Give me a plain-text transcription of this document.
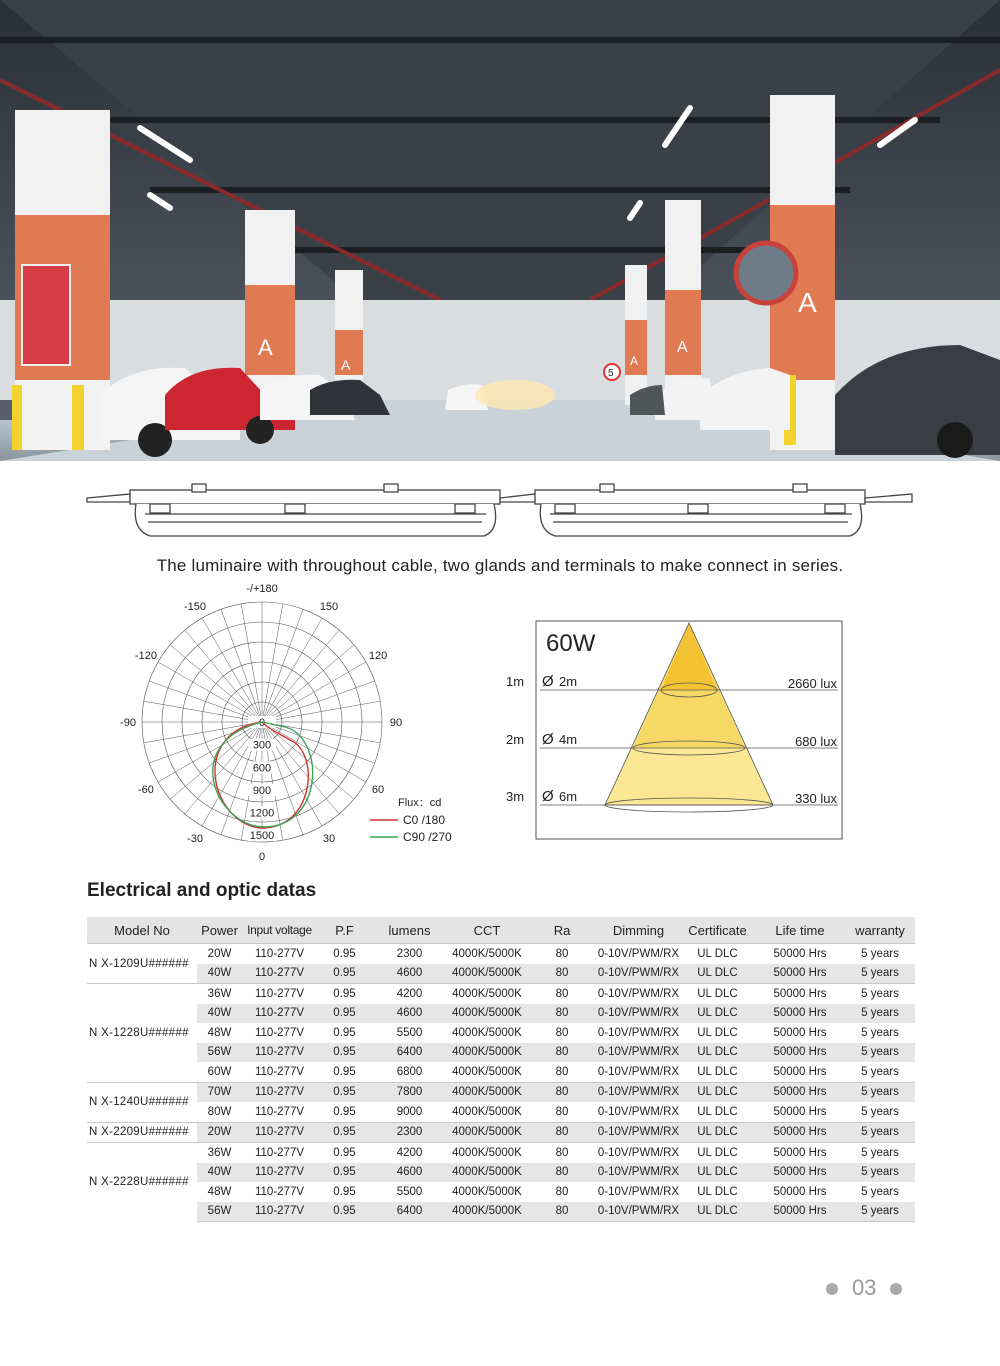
A
A
A
A
A
5
The luminaire with throughout cable, two glands and terminals to make connect in series.
-/+180
150
120
90
60
30
0
-30
-60
-90
-120
-150
0
300
600
900
1200
1500
Flux：cd
C0 /180
C90 /270
60W
1m Ø 2m	2660 lux
2m Ø 4m	680 lux
3m Ø 6m	330 lux
Electrical and optic datas
Model No	Power	Input voltage	P.F	lumens	CCT	Ra	Dimming	Certificate	Life time	warranty
N X-1209U######	20W	110-277V	0.95	2300	4000K/5000K	80	0-10V/PWM/RX	UL DLC	50000 Hrs	5 years
	40W	110-277V	0.95	4600	4000K/5000K	80	0-10V/PWM/RX	UL DLC	50000 Hrs	5 years
N X-1228U######	36W	110-277V	0.95	4200	4000K/5000K	80	0-10V/PWM/RX	UL DLC	50000 Hrs	5 years
	40W	110-277V	0.95	4600	4000K/5000K	80	0-10V/PWM/RX	UL DLC	50000 Hrs	5 years
	48W	110-277V	0.95	5500	4000K/5000K	80	0-10V/PWM/RX	UL DLC	50000 Hrs	5 years
	56W	110-277V	0.95	6400	4000K/5000K	80	0-10V/PWM/RX	UL DLC	50000 Hrs	5 years
	60W	110-277V	0.95	6800	4000K/5000K	80	0-10V/PWM/RX	UL DLC	50000 Hrs	5 years
N X-1240U######	70W	110-277V	0.95	7800	4000K/5000K	80	0-10V/PWM/RX	UL DLC	50000 Hrs	5 years
	80W	110-277V	0.95	9000	4000K/5000K	80	0-10V/PWM/RX	UL DLC	50000 Hrs	5 years
N X-2209U######	20W	110-277V	0.95	2300	4000K/5000K	80	0-10V/PWM/RX	UL DLC	50000 Hrs	5 years
N X-2228U######	36W	110-277V	0.95	4200	4000K/5000K	80	0-10V/PWM/RX	UL DLC	50000 Hrs	5 years
	40W	110-277V	0.95	4600	4000K/5000K	80	0-10V/PWM/RX	UL DLC	50000 Hrs	5 years
	48W	110-277V	0.95	5500	4000K/5000K	80	0-10V/PWM/RX	UL DLC	50000 Hrs	5 years
	56W	110-277V	0.95	6400	4000K/5000K	80	0-10V/PWM/RX	UL DLC	50000 Hrs	5 years
03
